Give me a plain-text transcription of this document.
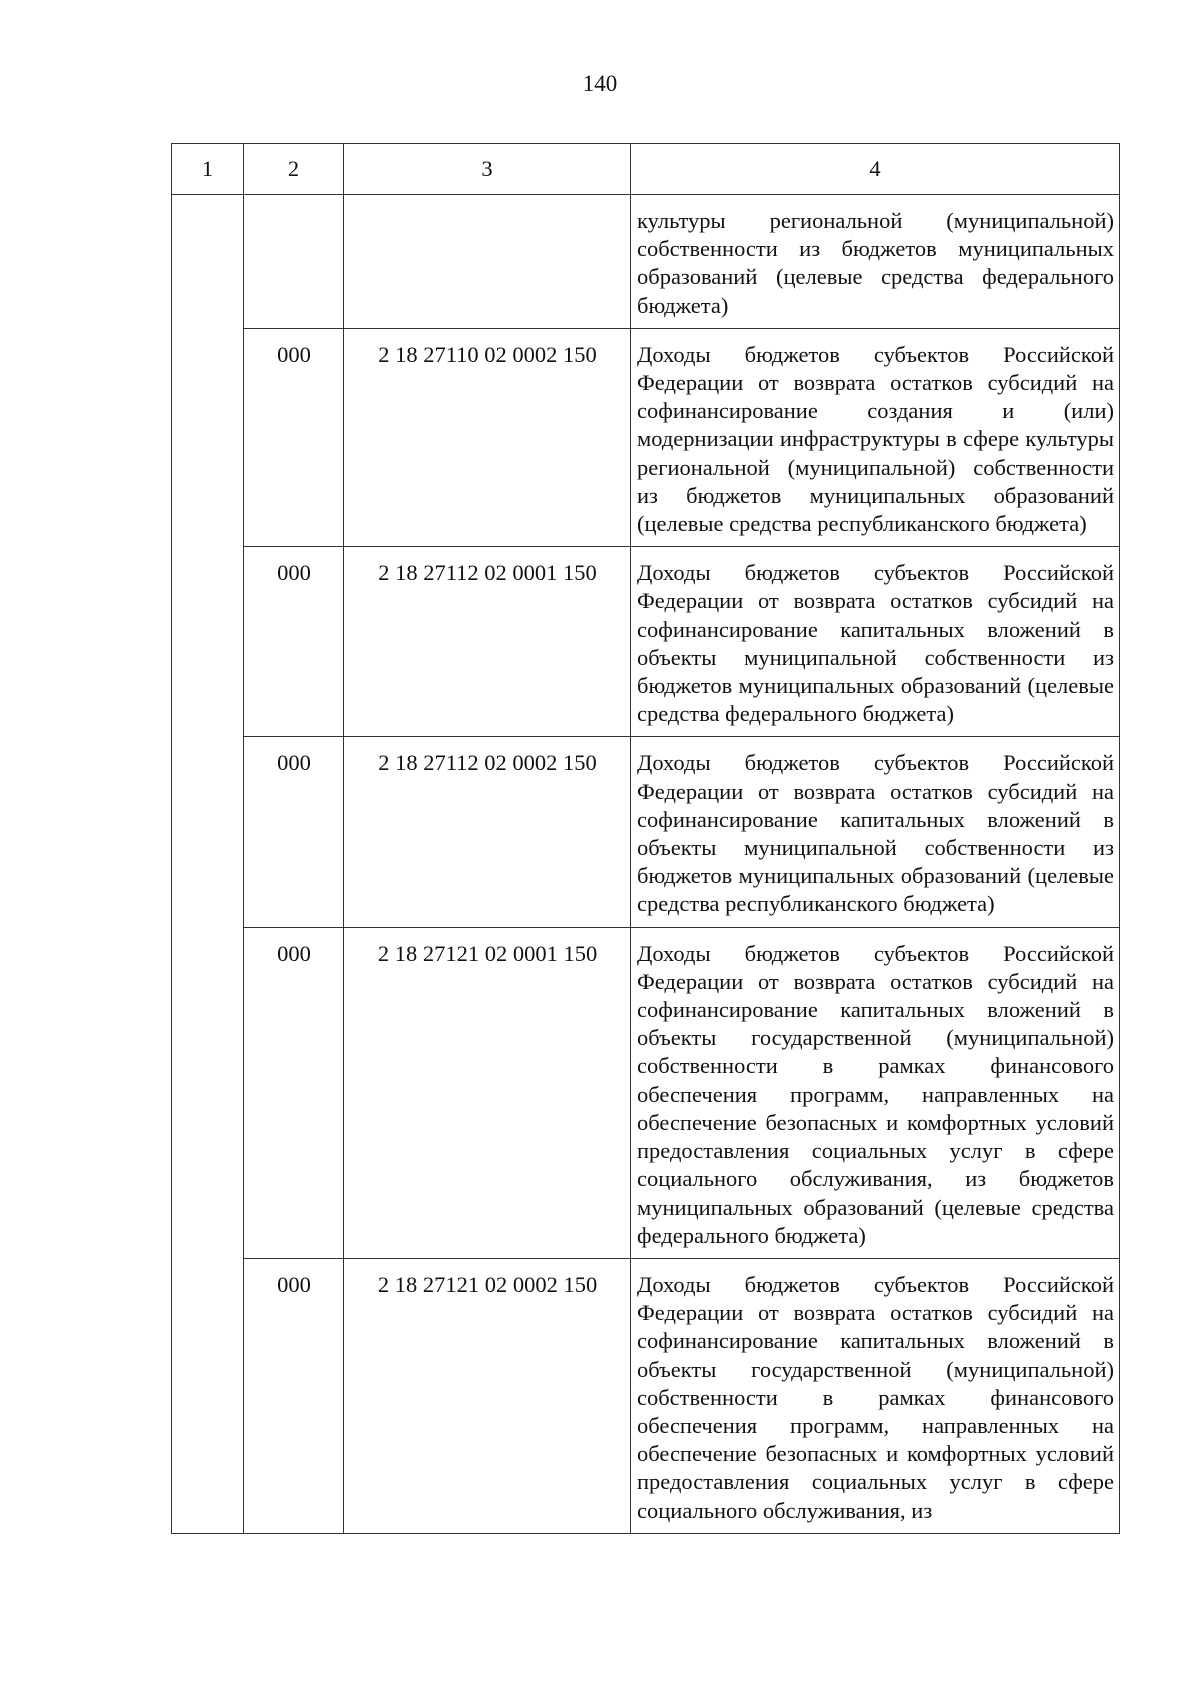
140
1	2	3	4
			культуры региональной (муниципальной) собственности из бюджетов муниципальных образований (целевые средства федерального бюджета)
	000	2 18 27110 02 0002 150	Доходы бюджетов субъектов Российской Федерации от возврата остатков субсидий на софинансирование создания и (или) модернизации инфраструктуры в сфере культуры региональной (муниципальной) собственности из бюджетов муниципальных образований (целевые средства республиканского бюджета)
	000	2 18 27112 02 0001 150	Доходы бюджетов субъектов Российской Федерации от возврата остатков субсидий на софинансирование капитальных вложений в объекты муниципальной собственности из бюджетов муниципальных образований (целевые средства федерального бюджета)
	000	2 18 27112 02 0002 150	Доходы бюджетов субъектов Российской Федерации от возврата остатков субсидий на софинансирование капитальных вложений в объекты муниципальной собственности из бюджетов муниципальных образований (целевые средства республиканского бюджета)
	000	2 18 27121 02 0001 150	Доходы бюджетов субъектов Российской Федерации от возврата остатков субсидий на софинансирование капитальных вложений в объекты государственной (муниципальной) собственности в рамках финансового обеспечения программ, направленных на обеспечение безопасных и комфортных условий предоставления социальных услуг в сфере социального обслуживания, из бюджетов муниципальных образований (целевые средства федерального бюджета)
	000	2 18 27121 02 0002 150	Доходы бюджетов субъектов Российской Федерации от возврата остатков субсидий на софинансирование капитальных вложений в объекты государственной (муниципальной) собственности в рамках финансового обеспечения программ, направленных на обеспечение безопасных и комфортных условий предоставления социальных услуг в сфере социального обслуживания, из
